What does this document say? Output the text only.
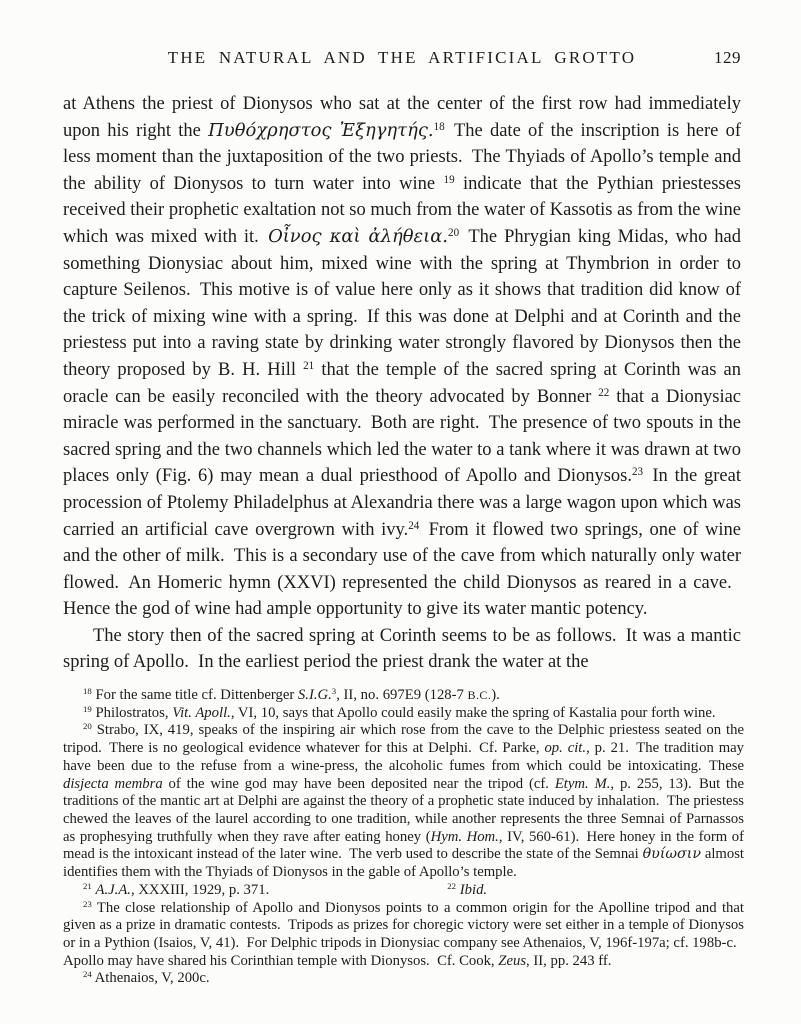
THE NATURAL AND THE ARTIFICIAL GROTTO	129

at Athens the priest of Dionysos who sat at the center of the first row had immediately upon his right the Πυθόχρηστος Ἐξηγητής.$^{18}$ The date of the inscription is here of less moment than the juxtaposition of the two priests. The Thyiads of Apollo’s temple and the ability of Dionysos to turn water into wine $^{19}$ indicate that the Pythian priestesses received their prophetic exaltation not so much from the water of Kassotis as from the wine which was mixed with it. Οἶνος καὶ ἀλήθεια.$^{20}$ The Phrygian king Midas, who had something Dionysiac about him, mixed wine with the spring at Thymbrion in order to capture Seilenos. This motive is of value here only as it shows that tradition did know of the trick of mixing wine with a spring. If this was done at Delphi and at Corinth and the priestess put into a raving state by drinking water strongly flavored by Dionysos then the theory proposed by B. H. Hill $^{21}$ that the temple of the sacred spring at Corinth was an oracle can be easily reconciled with the theory advocated by Bonner $^{22}$ that a Dionysiac miracle was performed in the sanctuary. Both are right. The presence of two spouts in the sacred spring and the two channels which led the water to a tank where it was drawn at two places only (Fig. 6) may mean a dual priesthood of Apollo and Dionysos.$^{23}$ In the great procession of Ptolemy Philadelphus at Alexandria there was a large wagon upon which was carried an artificial cave overgrown with ivy.$^{24}$ From it flowed two springs, one of wine and the other of milk. This is a secondary use of the cave from which naturally only water flowed. An Homeric hymn (XXVI) represented the child Dionysos as reared in a cave. Hence the god of wine had ample opportunity to give its water mantic potency.

The story then of the sacred spring at Corinth seems to be as follows. It was a mantic spring of Apollo. In the earliest period the priest drank the water at the

$^{18}$ For the same title cf. Dittenberger S.I.G.$^3$, II, no. 697E9 (128-7 B.C.).

$^{19}$ Philostratos, Vit. Apoll., VI, 10, says that Apollo could easily make the spring of Kastalia pour forth wine.

$^{20}$ Strabo, IX, 419, speaks of the inspiring air which rose from the cave to the Delphic priestess seated on the tripod. There is no geological evidence whatever for this at Delphi. Cf. Parke, op. cit., p. 21. The tradition may have been due to the refuse from a wine-press, the alcoholic fumes from which could be intoxicating. These disjecta membra of the wine god may have been deposited near the tripod (cf. Etym. M., p. 255, 13). But the traditions of the mantic art at Delphi are against the theory of a prophetic state induced by inhalation. The priestess chewed the leaves of the laurel according to one tradition, while another represents the three Semnai of Parnassos as prophesying truthfully when they rave after eating honey (Hym. Hom., IV, 560-61). Here honey in the form of mead is the intoxicant instead of the later wine. The verb used to describe the state of the Semnai θυίωσιν almost identifies them with the Thyiads of Dionysos in the gable of Apollo’s temple.

$^{21}$ A.J.A., XXXIII, 1929, p. 371.	$^{22}$ Ibid.

$^{23}$ The close relationship of Apollo and Dionysos points to a common origin for the Apolline tripod and that given as a prize in dramatic contests. Tripods as prizes for choregic victory were set either in a temple of Dionysos or in a Pythion (Isaios, V, 41). For Delphic tripods in Dionysiac company see Athenaios, V, 196f-197a; cf. 198b-c. Apollo may have shared his Corinthian temple with Dionysos. Cf. Cook, Zeus, II, pp. 243 ff.

$^{24}$ Athenaios, V, 200c.
